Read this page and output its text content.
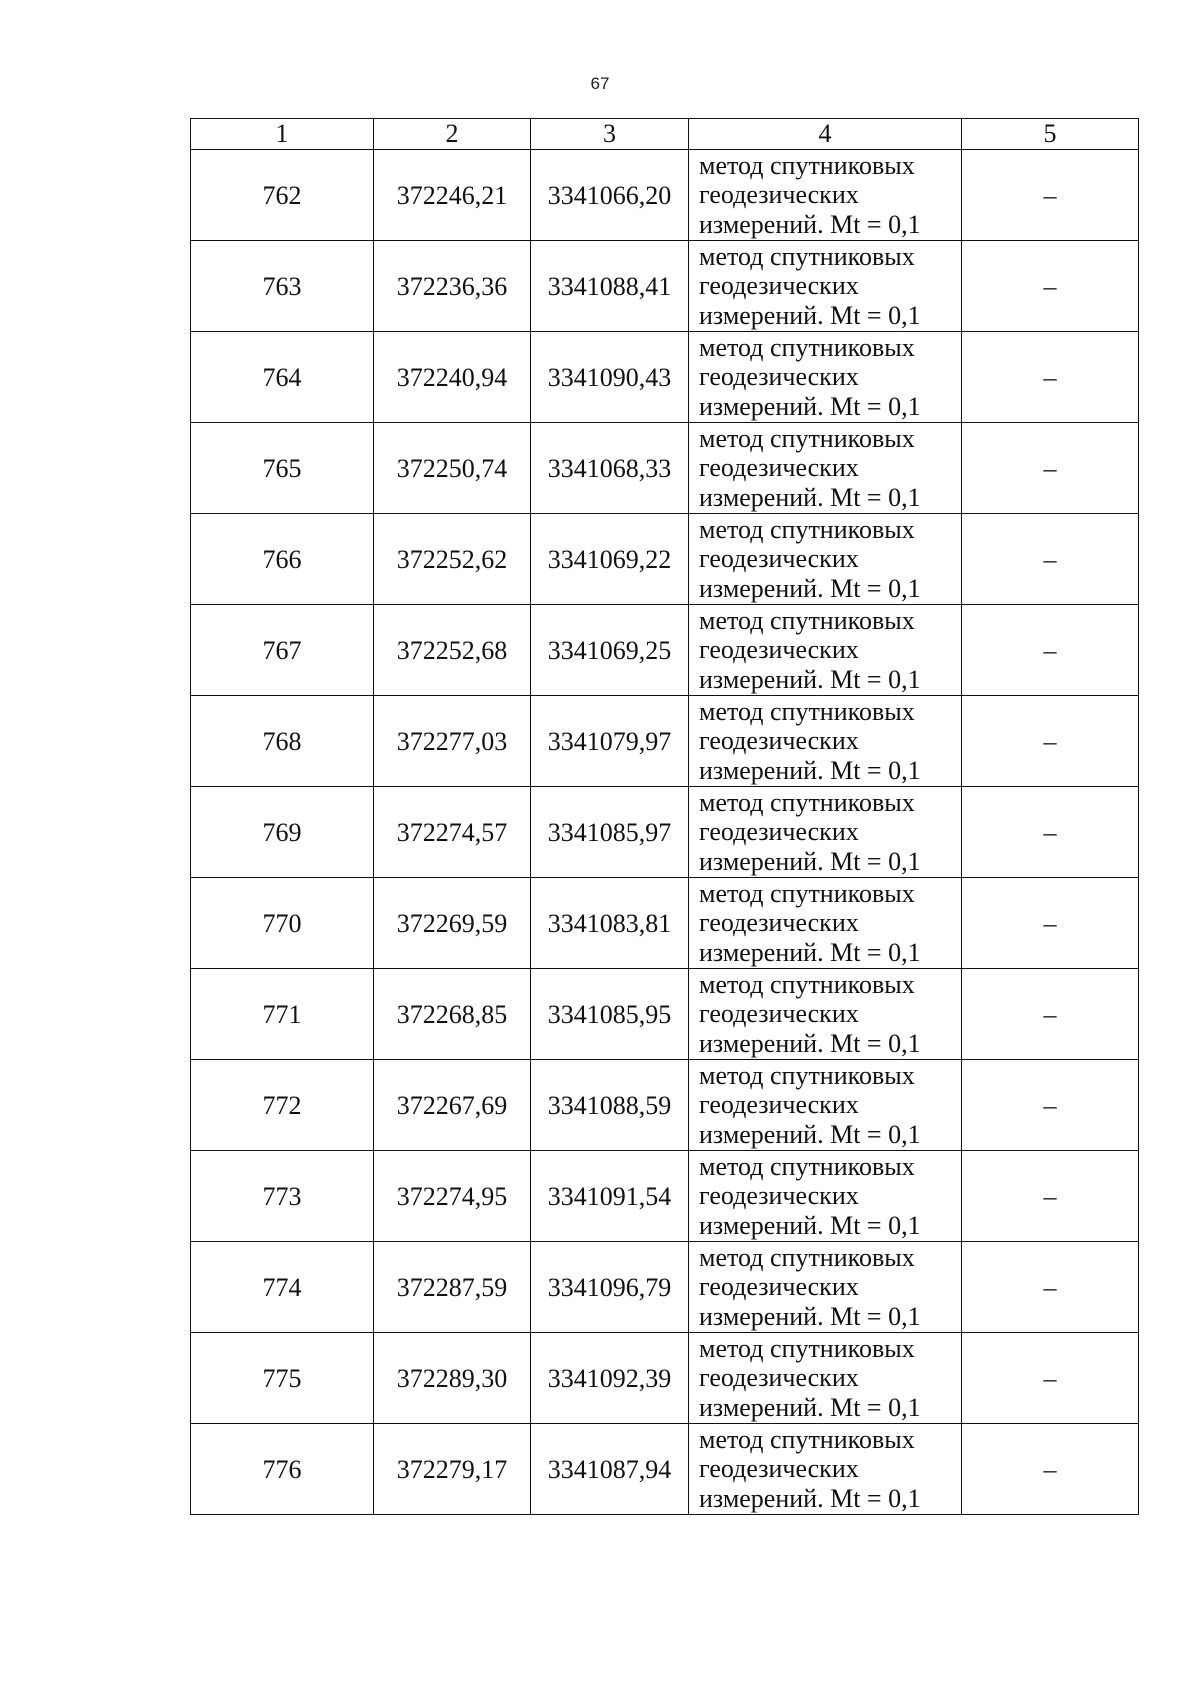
67
1	2	3	4	5
762	372246,21	3341066,20	метод спутниковых
геодезических
измерений. Mt = 0,1	–
763	372236,36	3341088,41	метод спутниковых
геодезических
измерений. Mt = 0,1	–
764	372240,94	3341090,43	метод спутниковых
геодезических
измерений. Mt = 0,1	–
765	372250,74	3341068,33	метод спутниковых
геодезических
измерений. Mt = 0,1	–
766	372252,62	3341069,22	метод спутниковых
геодезических
измерений. Mt = 0,1	–
767	372252,68	3341069,25	метод спутниковых
геодезических
измерений. Mt = 0,1	–
768	372277,03	3341079,97	метод спутниковых
геодезических
измерений. Mt = 0,1	–
769	372274,57	3341085,97	метод спутниковых
геодезических
измерений. Mt = 0,1	–
770	372269,59	3341083,81	метод спутниковых
геодезических
измерений. Mt = 0,1	–
771	372268,85	3341085,95	метод спутниковых
геодезических
измерений. Mt = 0,1	–
772	372267,69	3341088,59	метод спутниковых
геодезических
измерений. Mt = 0,1	–
773	372274,95	3341091,54	метод спутниковых
геодезических
измерений. Mt = 0,1	–
774	372287,59	3341096,79	метод спутниковых
геодезических
измерений. Mt = 0,1	–
775	372289,30	3341092,39	метод спутниковых
геодезических
измерений. Mt = 0,1	–
776	372279,17	3341087,94	метод спутниковых
геодезических
измерений. Mt = 0,1	–
